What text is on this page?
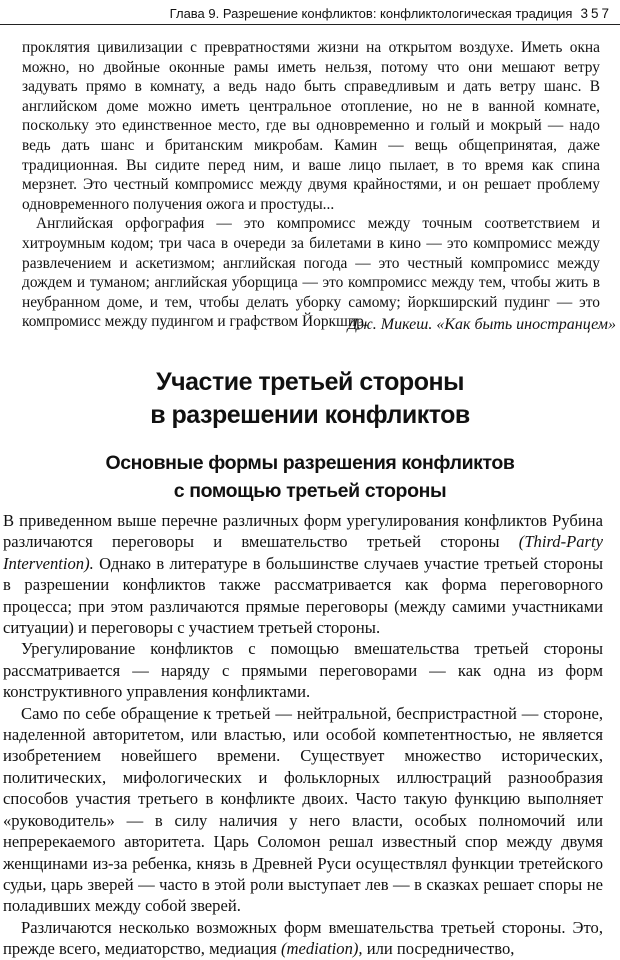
Глава 9. Разрешение конфликтов: конфликтологическая традиция 357

проклятия цивилизации с превратностями жизни на открытом воздухе. Иметь окна можно, но двойные оконные рамы иметь нельзя, потому что они мешают ветру задувать прямо в комнату, а ведь надо быть справедливым и дать ветру шанс. В английском доме можно иметь центральное отопление, но не в ванной комнате, поскольку это единственное место, где вы одновременно и голый и мокрый — надо ведь дать шанс и британским микробам. Камин — вещь общепринятая, даже традиционная. Вы сидите перед ним, и ваше лицо пылает, в то время как спина мерзнет. Это честный компромисс между двумя крайностями, и он решает проблему одновременного получения ожога и простуды...

Английская орфография — это компромисс между точным соответствием и хитроумным кодом; три часа в очереди за билетами в кино — это компромисс между развлечением и аскетизмом; английская погода — это честный компромисс между дождем и туманом; английская уборщица — это компромисс между тем, чтобы жить в неубранном доме, и тем, чтобы делать уборку самому; йоркширский пудинг — это компромисс между пудингом и графством Йоркшир.

Дж. Микеш. «Как быть иностранцем»
Участие третьей стороны
в разрешении конфликтов
Основные формы разрешения конфликтов
с помощью третьей стороны

В приведенном выше перечне различных форм урегулирования конфликтов Рубина различаются переговоры и вмешательство третьей стороны (Third-Party Intervention). Однако в литературе в большинстве случаев участие третьей стороны в разрешении конфликтов также рассматривается как форма переговорного процесса; при этом различаются прямые переговоры (между самими участниками ситуации) и переговоры с участием третьей стороны.

Урегулирование конфликтов с помощью вмешательства третьей стороны рассматривается — наряду с прямыми переговорами — как одна из форм конструктивного управления конфликтами.

Само по себе обращение к третьей — нейтральной, беспристрастной — стороне, наделенной авторитетом, или властью, или особой компетентностью, не является изобретением новейшего времени. Существует множество исторических, политических, мифологических и фольклорных иллюстраций разнообразия способов участия третьего в конфликте двоих. Часто такую функцию выполняет «руководитель» — в силу наличия у него власти, особых полномочий или непререкаемого авторитета. Царь Соломон решал известный спор между двумя женщинами из-за ребенка, князь в Древней Руси осуществлял функции третейского судьи, царь зверей — часто в этой роли выступает лев — в сказках решает споры не поладивших между собой зверей.

Различаются несколько возможных форм вмешательства третьей стороны. Это, прежде всего, медиаторство, медиация (mediation), или посредничество,
